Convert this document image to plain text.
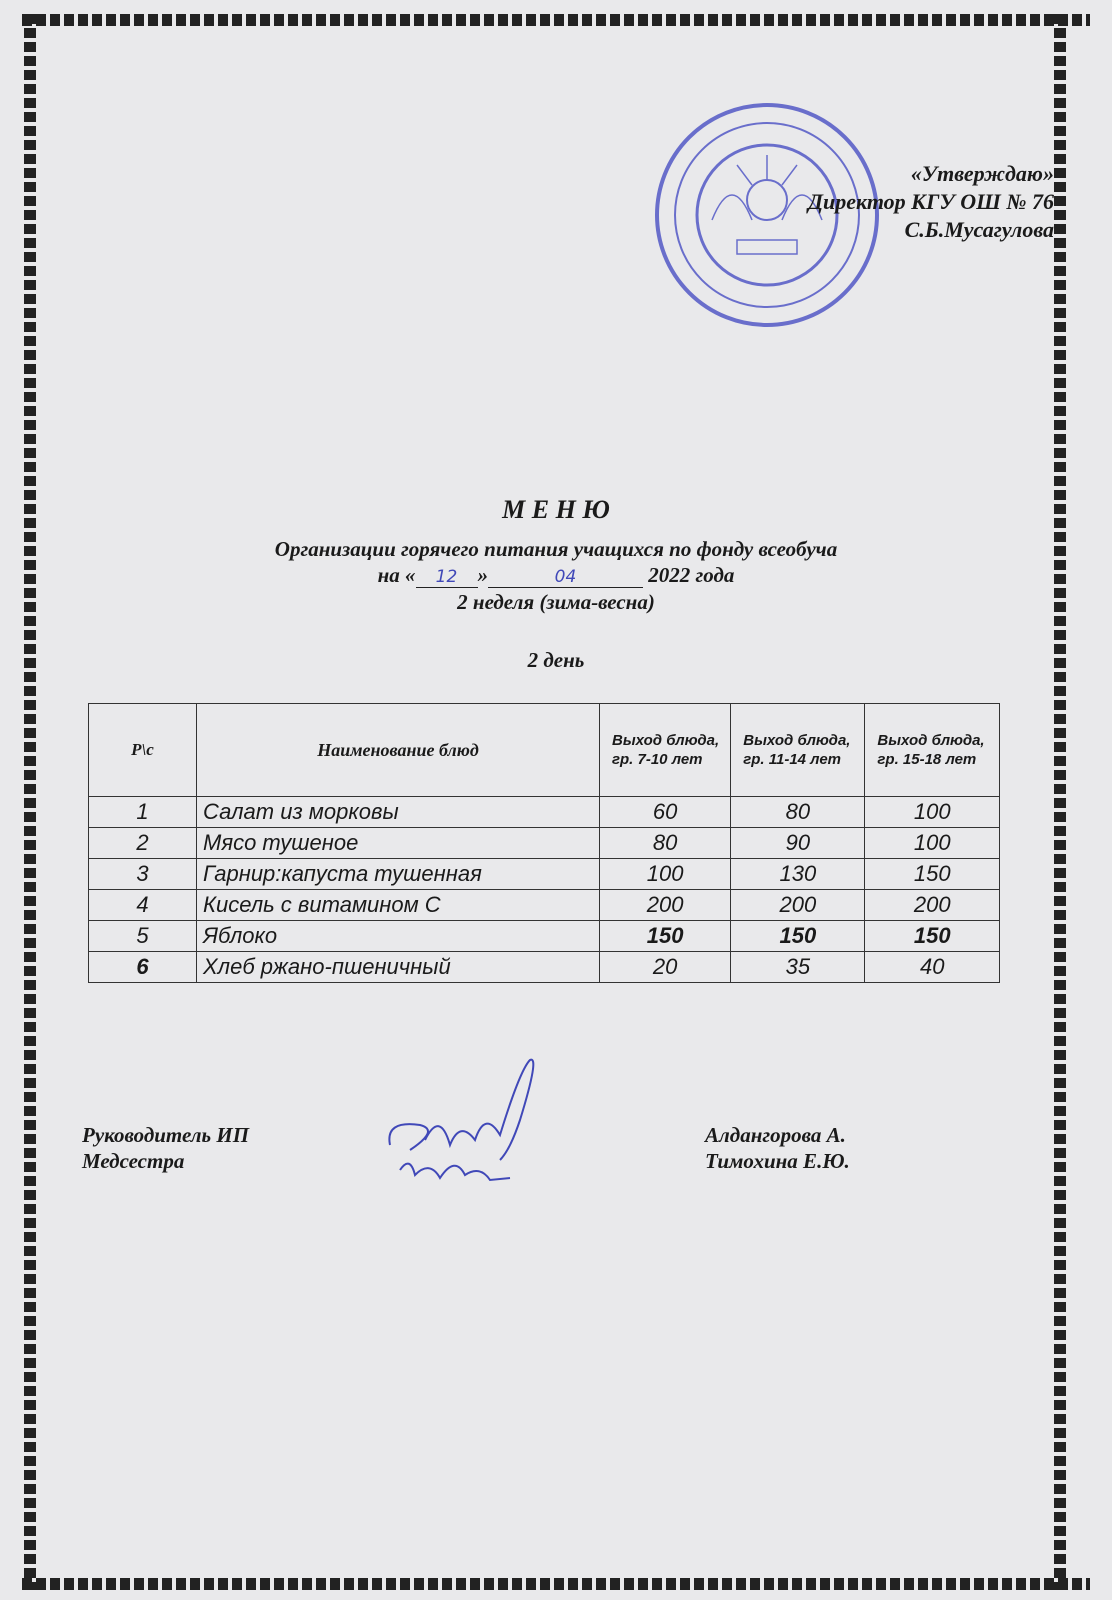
«Утверждаю»
Директор КГУ ОШ № 76
С.Б.Мусагулова
М Е Н Ю
Организации горячего питания учащихся по фонду всеобуча
на « 12 »	04	2022 года
2 неделя (зима-весна)
2 день
Р\с	Наименование блюд	Выход блюда, гр. 7-10 лет	Выход блюда, гр. 11-14 лет	Выход блюда, гр. 15-18 лет
1	Салат из морковы	60	80	100
2	Мясо тушеное	80	90	100
3	Гарнир:капуста тушенная	100	130	150
4	Кисель с витамином С	200	200	200
5	Яблоко	150	150	150
6	Хлеб ржано-пшеничный	20	35	40
Руководитель ИП
Медсестра
Алдангорова А.
Тимохина Е.Ю.
